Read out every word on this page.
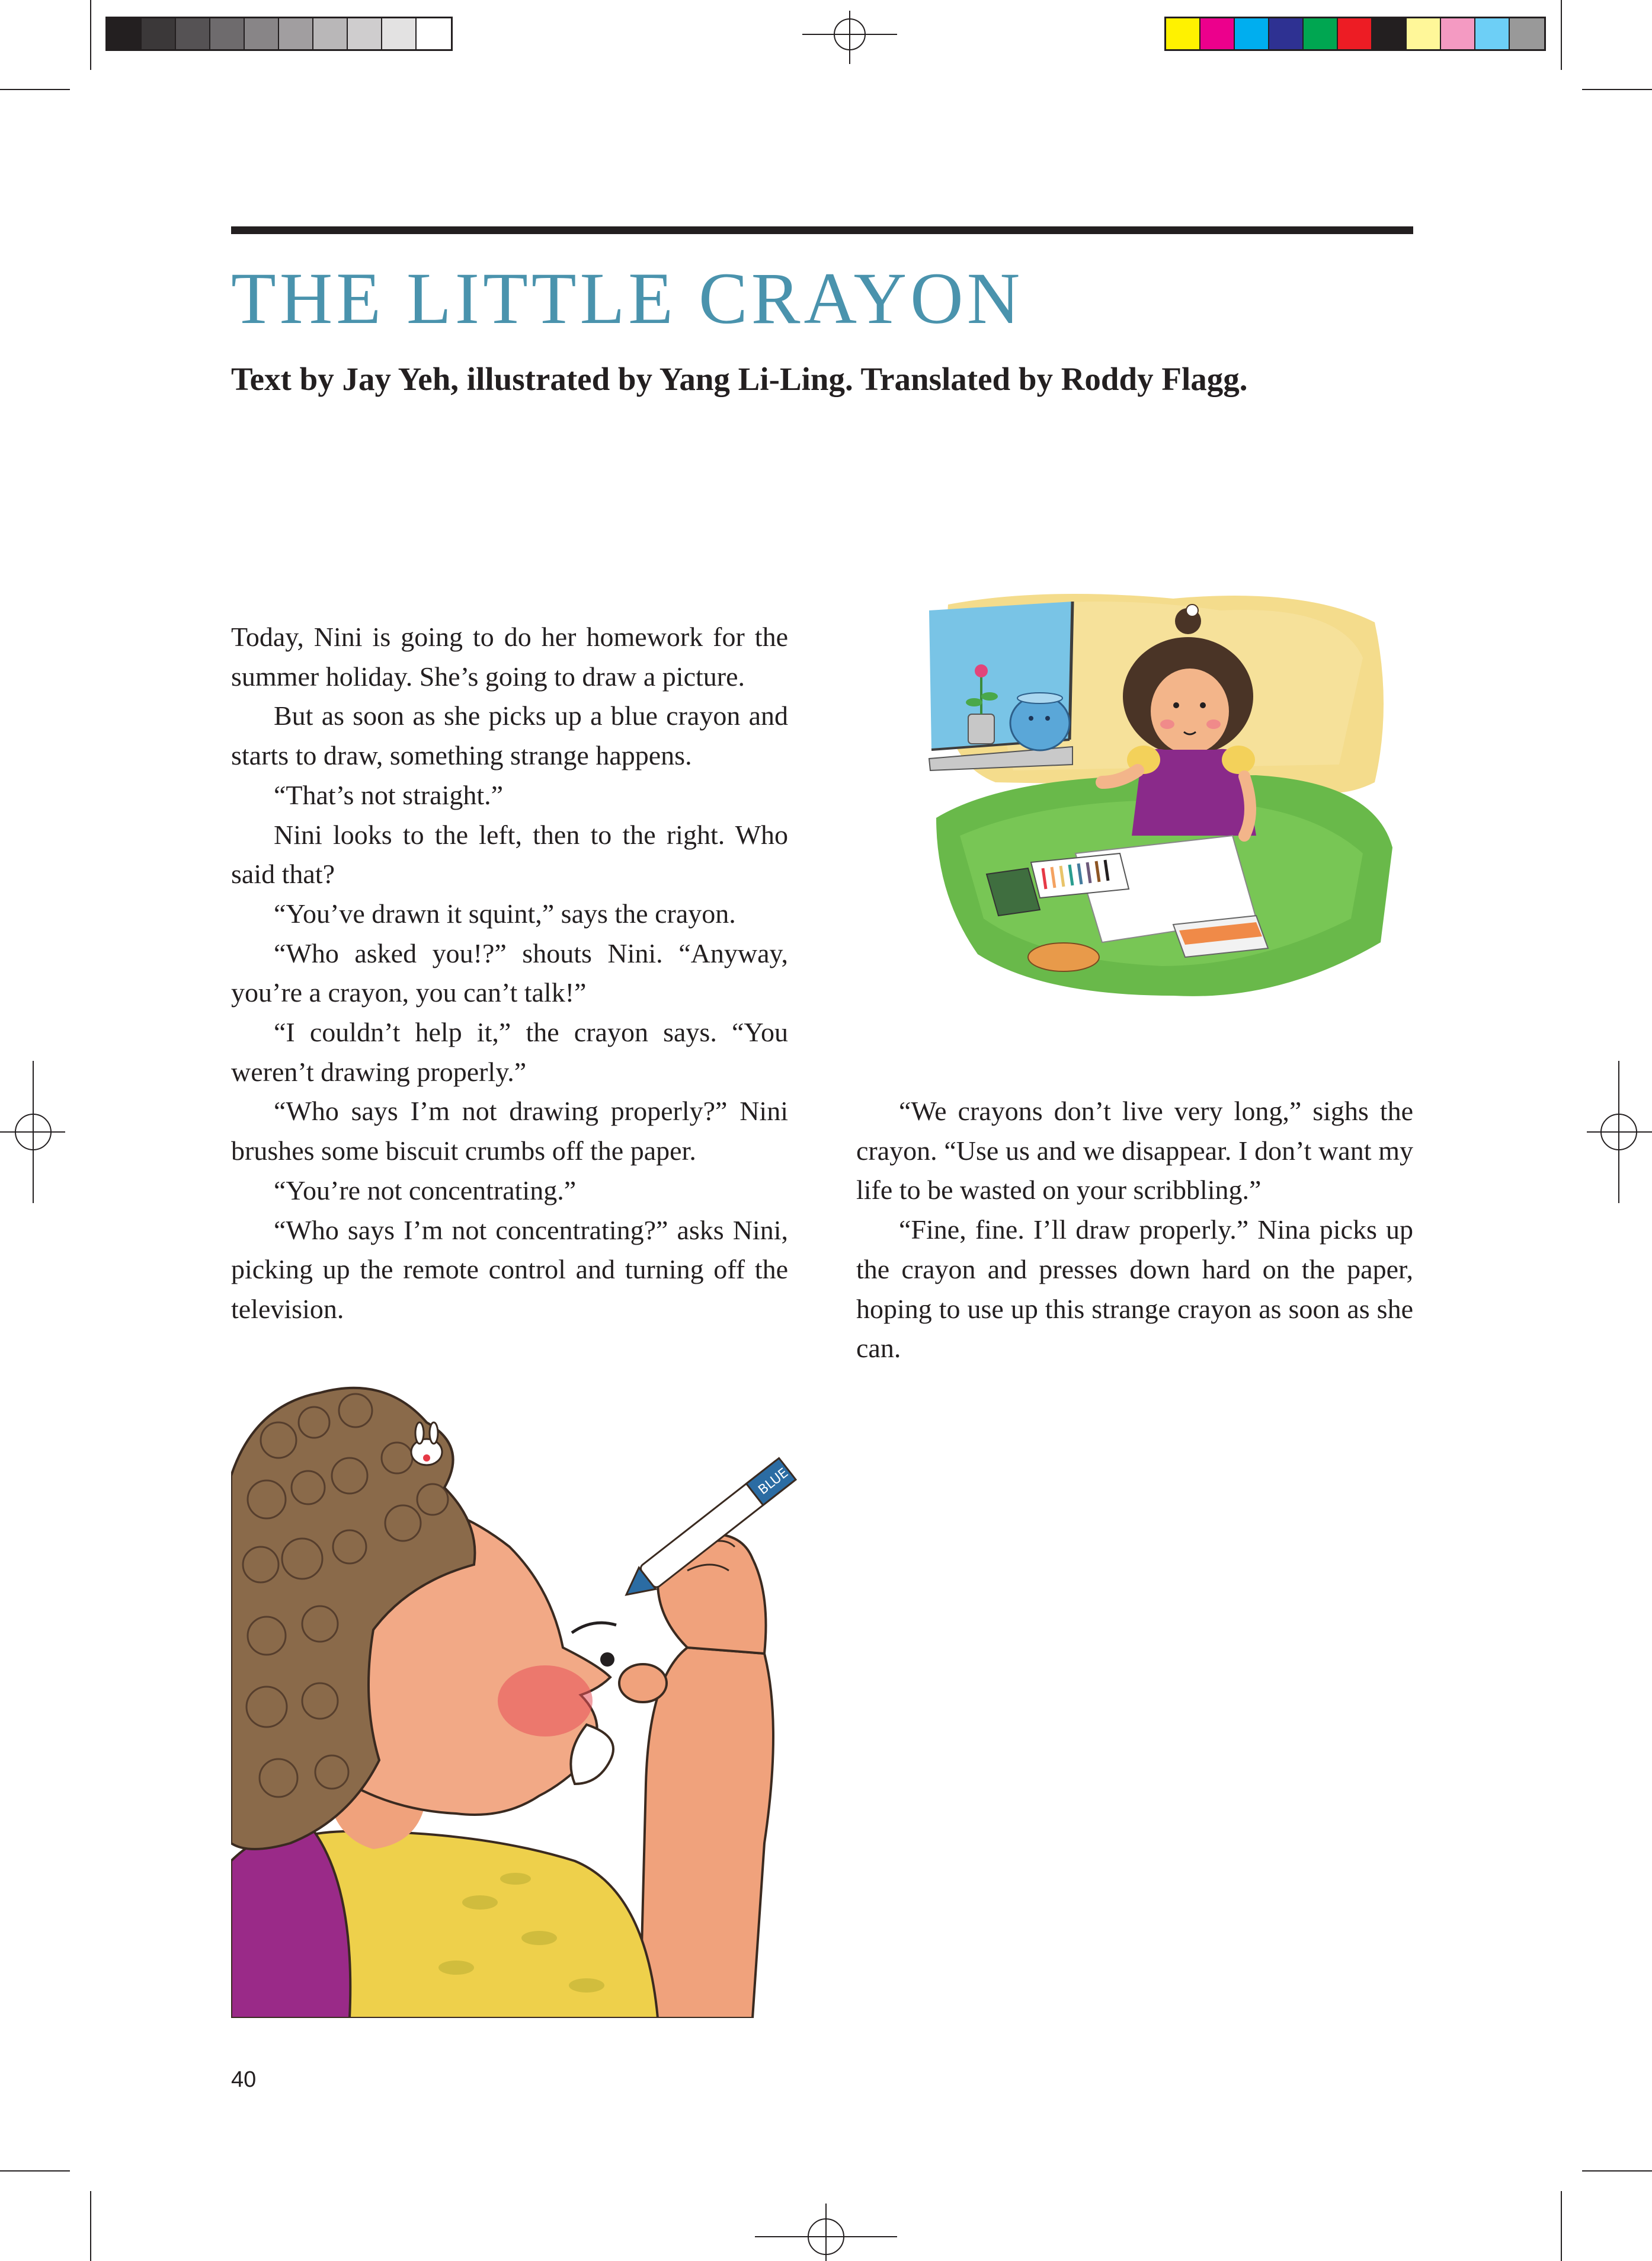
THE LITTLE CRAYON
Text by Jay Yeh, illustrated by Yang Li-Ling. Translated by Roddy Flagg.

Today, Nini is going to do her homework for the summer holiday. She’s going to draw a picture.

But as soon as she picks up a blue crayon and starts to draw, something strange happens.

“That’s not straight.”

Nini looks to the left, then to the right. Who said that?

“You’ve drawn it squint,” says the crayon.

“Who asked you!?” shouts Nini. “Anyway, you’re a crayon, you can’t talk!”

“I couldn’t help it,” the crayon says. “You weren’t drawing properly.”

“Who says I’m not drawing properly?” Nini brushes some biscuit crumbs off the paper.

“You’re not concentrating.”

“Who says I’m not concentrating?” asks Nini, picking up the remote control and turning off the television.

“We crayons don’t live very long,” sighs the crayon. “Use us and we disappear. I don’t want my life to be wasted on your scribbling.”

“Fine, fine. I’ll draw properly.” Nina picks up the crayon and presses down hard on the paper, hoping to use up this strange crayon as soon as she can.

BLUE
40
